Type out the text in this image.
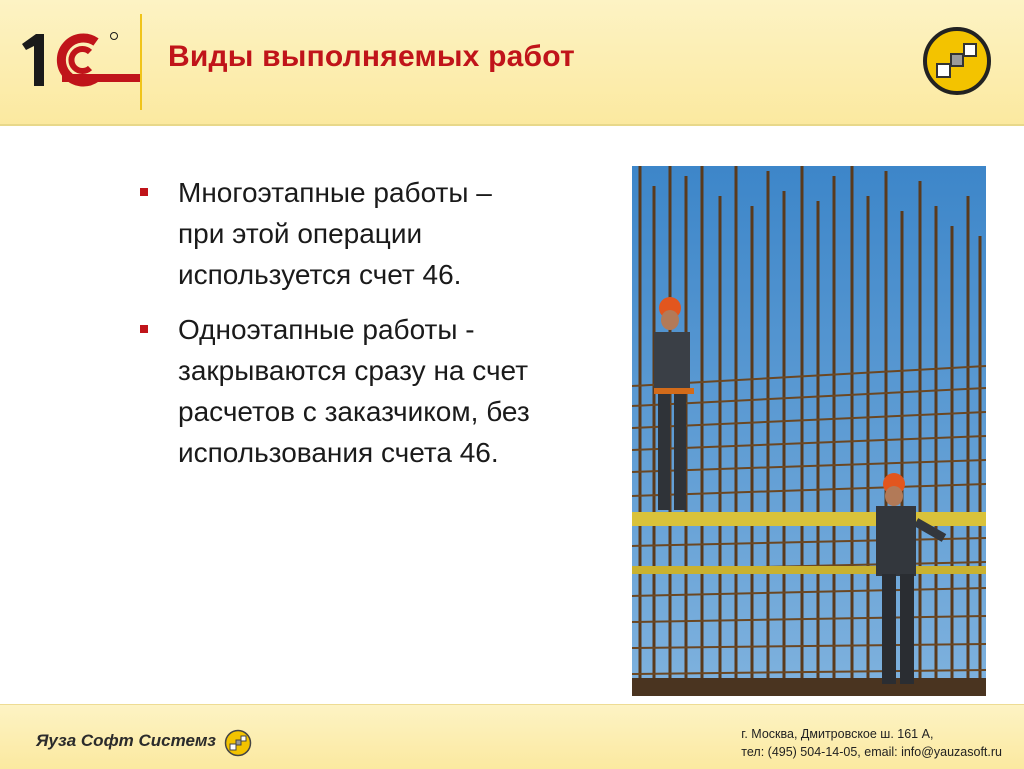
Виды выполняемых работ
Многоэтапные работы –
при этой операции
используется счет 46.
Одноэтапные работы -
закрываются сразу на счет
расчетов с заказчиком, без
использования счета 46.
Яуза Софт Системз	г. Москва, Дмитровское ш. 161 А,
тел: (495) 504-14-05, email: info@yauzasoft.ru
